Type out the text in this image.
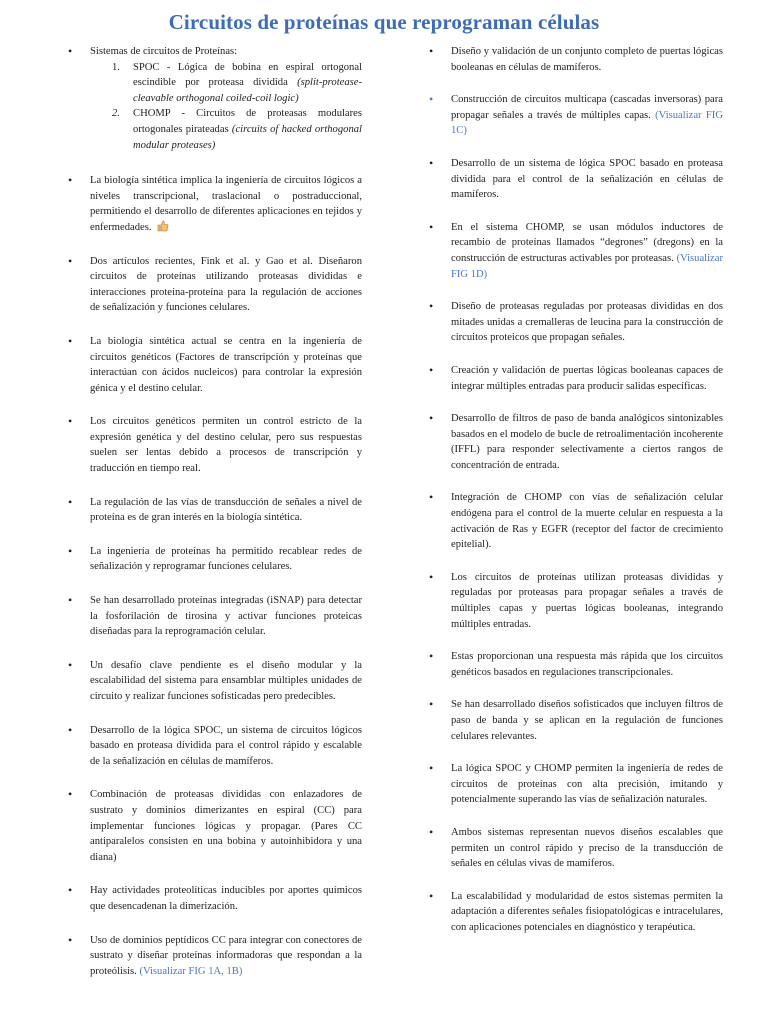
Circuitos de proteínas que reprograman células
• Sistemas de circuitos de Proteínas:
1. SPOC - Lógica de bobina en espiral ortogonal escindible por proteasa dividida (split-protease-cleavable orthogonal coiled-coil logic)
2. CHOMP - Circuitos de proteasas modulares ortogonales pirateadas (circuits of hacked orthogonal modular proteases)
• La biología sintética implica la ingeniería de circuitos lógicos a niveles transcripcional, traslacional o postraduccional, permitiendo el desarrollo de diferentes aplicaciones en tejidos y enfermedades.
• Dos artículos recientes, Fink et al. y Gao et al. Diseñaron circuitos de proteínas utilizando proteasas divididas e interacciones proteína-proteína para la regulación de acciones de señalización y funciones celulares.
• La biología sintética actual se centra en la ingeniería de circuitos genéticos (Factores de transcripción y proteínas que interactúan con ácidos nucleicos) para controlar la expresión génica y el destino celular.
• Los circuitos genéticos permiten un control estricto de la expresión genética y del destino celular, pero sus respuestas suelen ser lentas debido a procesos de transcripción y traducción en tiempo real.
• La regulación de las vías de transducción de señales a nivel de proteína es de gran interés en la biología sintética.
• La ingeniería de proteínas ha permitido recablear redes de señalización y reprogramar funciones celulares.
• Se han desarrollado proteínas integradas (iSNAP) para detectar la fosforilación de tirosina y activar funciones proteicas diseñadas para la reprogramación celular.
• Un desafío clave pendiente es el diseño modular y la escalabilidad del sistema para ensamblar múltiples unidades de circuito y realizar funciones sofisticadas pero predecibles.
• Desarrollo de la lógica SPOC, un sistema de circuitos lógicos basado en proteasa dividida para el control rápido y escalable de la señalización en células de mamíferos.
• Combinación de proteasas divididas con enlazadores de sustrato y dominios dimerizantes en espiral (CC) para implementar funciones lógicas y propagar. (Pares CC antiparalelos consisten en una bobina y autoinhibidora y una diana)
• Hay actividades proteolíticas inducibles por aportes químicos que desencadenan la dimerización.
• Uso de dominios peptídicos CC para integrar con conectores de sustrato y diseñar proteínas informadoras que respondan a la proteólisis. (Visualizar FIG 1A, 1B)
• Diseño y validación de un conjunto completo de puertas lógicas booleanas en células de mamíferos.
• Construcción de circuitos multicapa (cascadas inversoras) para propagar señales a través de múltiples capas. (Visualizar FIG 1C)
• Desarrollo de un sistema de lógica SPOC basado en proteasa dividida para el control de la señalización en células de mamíferos.
• En el sistema CHOMP, se usan módulos inductores de recambio de proteínas llamados “degrones” (dregons) en la construcción de estructuras activables por proteasas. (Visualizar FIG 1D)
• Diseño de proteasas reguladas por proteasas divididas en dos mitades unidas a cremalleras de leucina para la construcción de circuitos proteicos que propagan señales.
• Creación y validación de puertas lógicas booleanas capaces de integrar múltiples entradas para producir salidas específicas.
• Desarrollo de filtros de paso de banda analógicos sintonizables basados en el modelo de bucle de retroalimentación incoherente (IFFL) para responder selectivamente a ciertos rangos de concentración de entrada.
• Integración de CHOMP con vías de señalización celular endógena para el control de la muerte celular en respuesta a la activación de Ras y EGFR (receptor del factor de crecimiento epitelial).
• Los circuitos de proteínas utilizan proteasas divididas y reguladas por proteasas para propagar señales a través de múltiples capas y puertas lógicas booleanas, integrando múltiples entradas.
• Estas proporcionan una respuesta más rápida que los circuitos genéticos basados en regulaciones transcripcionales.
• Se han desarrollado diseños sofisticados que incluyen filtros de paso de banda y se aplican en la regulación de funciones celulares relevantes.
• La lógica SPOC y CHOMP permiten la ingeniería de redes de circuitos de proteínas con alta precisión, imitando y potencialmente superando las vías de señalización naturales.
• Ambos sistemas representan nuevos diseños escalables que permiten un control rápido y preciso de la transducción de señales en células vivas de mamíferos.
• La escalabilidad y modularidad de estos sistemas permiten la adaptación a diferentes señales fisiopatológicas e intracelulares, con aplicaciones potenciales en diagnóstico y terapéutica.
